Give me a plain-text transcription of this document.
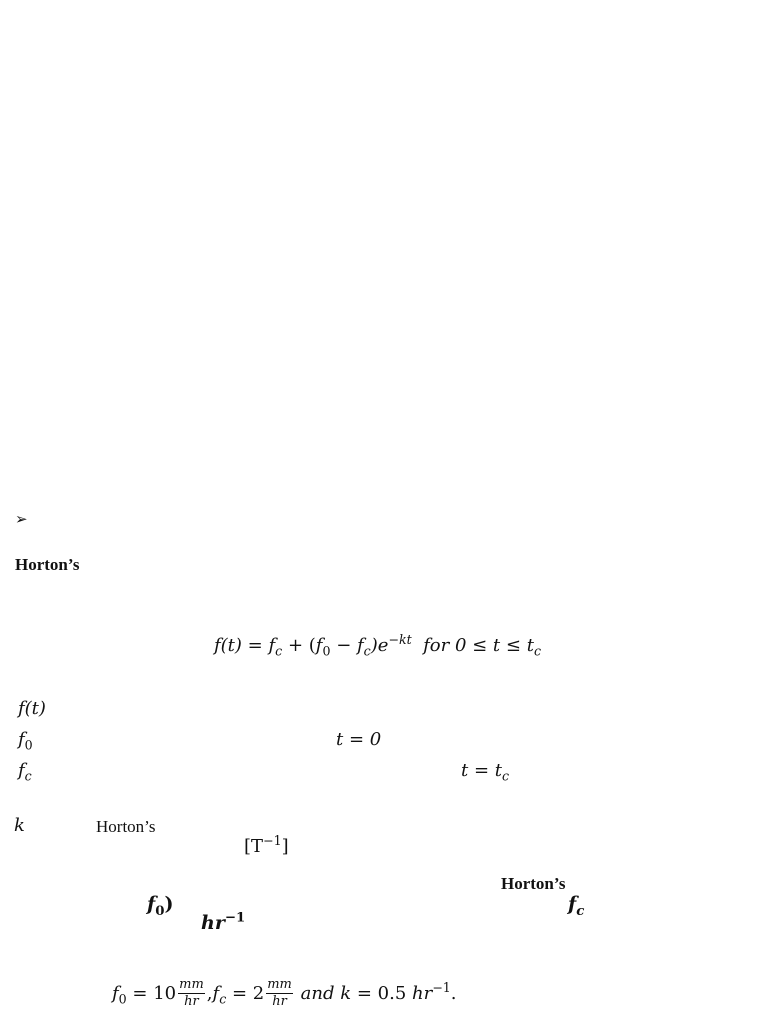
➢
Horton’s
$f(t) = f_c + (f_0 - f_c)e^{-kt}$ for $0 \le t \le t_c$
f(t)
$f_0$	t = 0
$f_c$	$t = t_c$
k	Horton’s
$[T^{-1}]$
Horton’s
$f_0$)	$f_c$
$hr^{-1}$
$f_0 = 10 \frac{mm}{hr} ,f_c = 2 \frac{mm}{hr}$ and k = 0.5 $hr^{-1}$.
